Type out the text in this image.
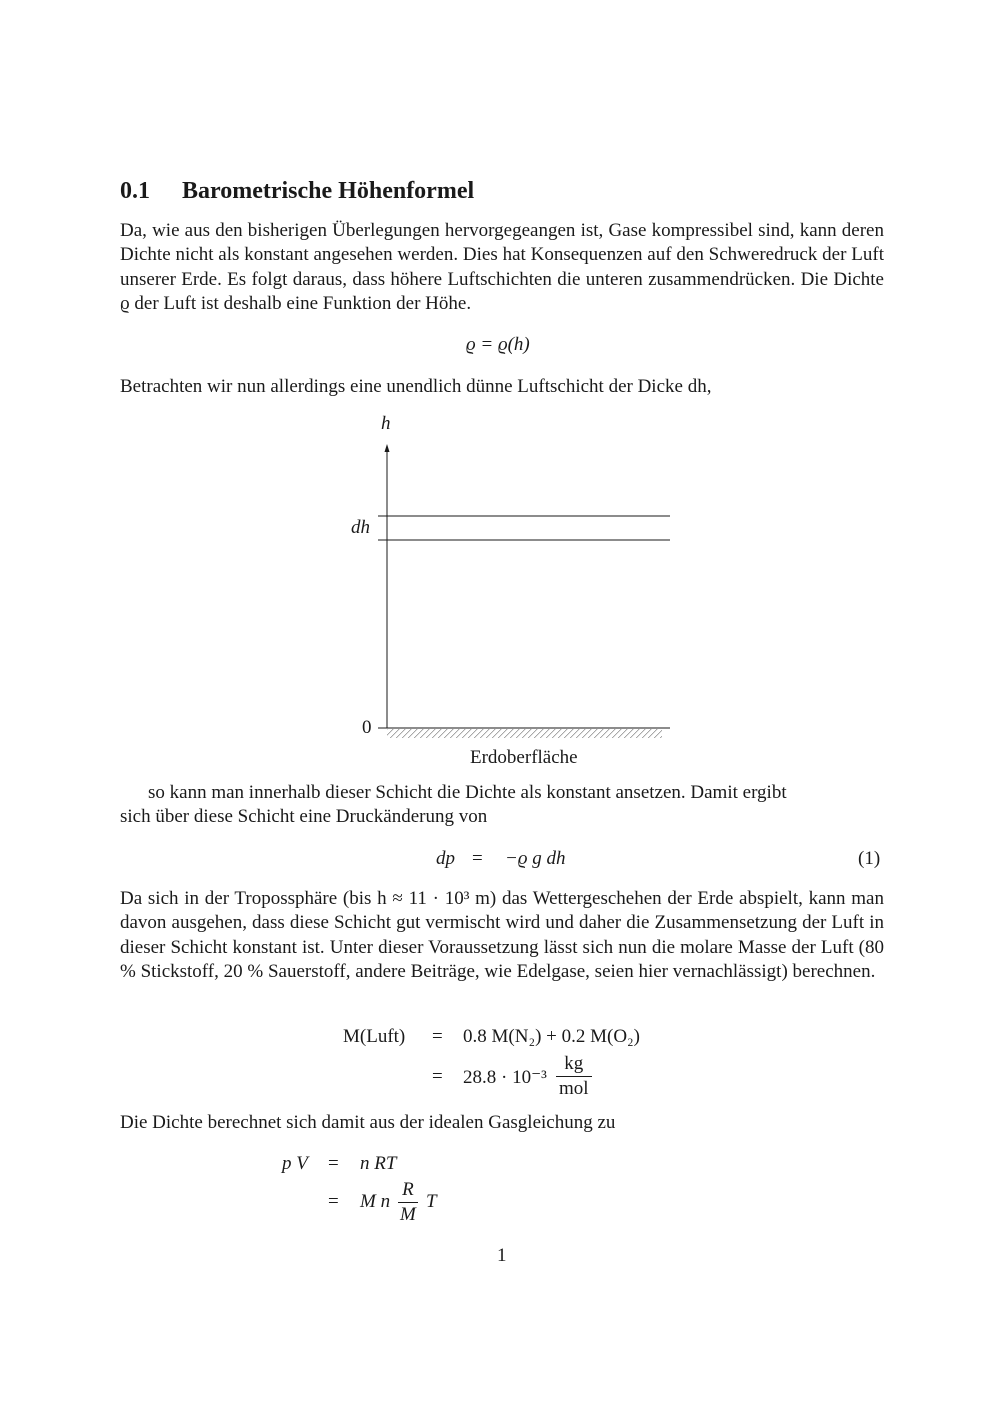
0.1 Barometrische Höhenformel
Da, wie aus den bisherigen Überlegungen hervorgegeangen ist, Gase kompressibel sind, kann deren Dichte nicht als konstant angesehen werden. Dies hat Konsequenzen auf den Schweredruck der Luft unserer Erde. Es folgt daraus, dass höhere Luftschichten die unteren zusammendrücken. Die Dichte ϱ der Luft ist deshalb eine Funktion der Höhe.
ϱ = ϱ(h)
Betrachten wir nun allerdings eine unendlich dünne Luftschicht der Dicke dh,
h
dh
0
Erdoberfläche
so kann man innerhalb dieser Schicht die Dichte als konstant ansetzen. Damit ergibt
sich über diese Schicht eine Druckänderung von
dp = −ϱ g dh	(1)
Da sich in der Tropossphäre (bis h ≈ 11 · 10³ m) das Wettergeschehen der Erde abspielt, kann man davon ausgehen, dass diese Schicht gut vermischt wird und daher die Zusammensetzung der Luft in dieser Schicht konstant ist. Unter dieser Voraussetzung lässt sich nun die molare Masse der Luft (80 % Stickstoff, 20 % Sauerstoff, andere Beiträge, wie Edelgase, seien hier vernachlässigt) berechnen.
M(Luft) = 0.8 M(N₂) + 0.2 M(O₂)
= 28.8 · 10⁻³
kg
mol
Die Dichte berechnet sich damit aus der idealen Gasgleichung zu
p V = n RT
= M n $\frac{R}{M}$ T
1
